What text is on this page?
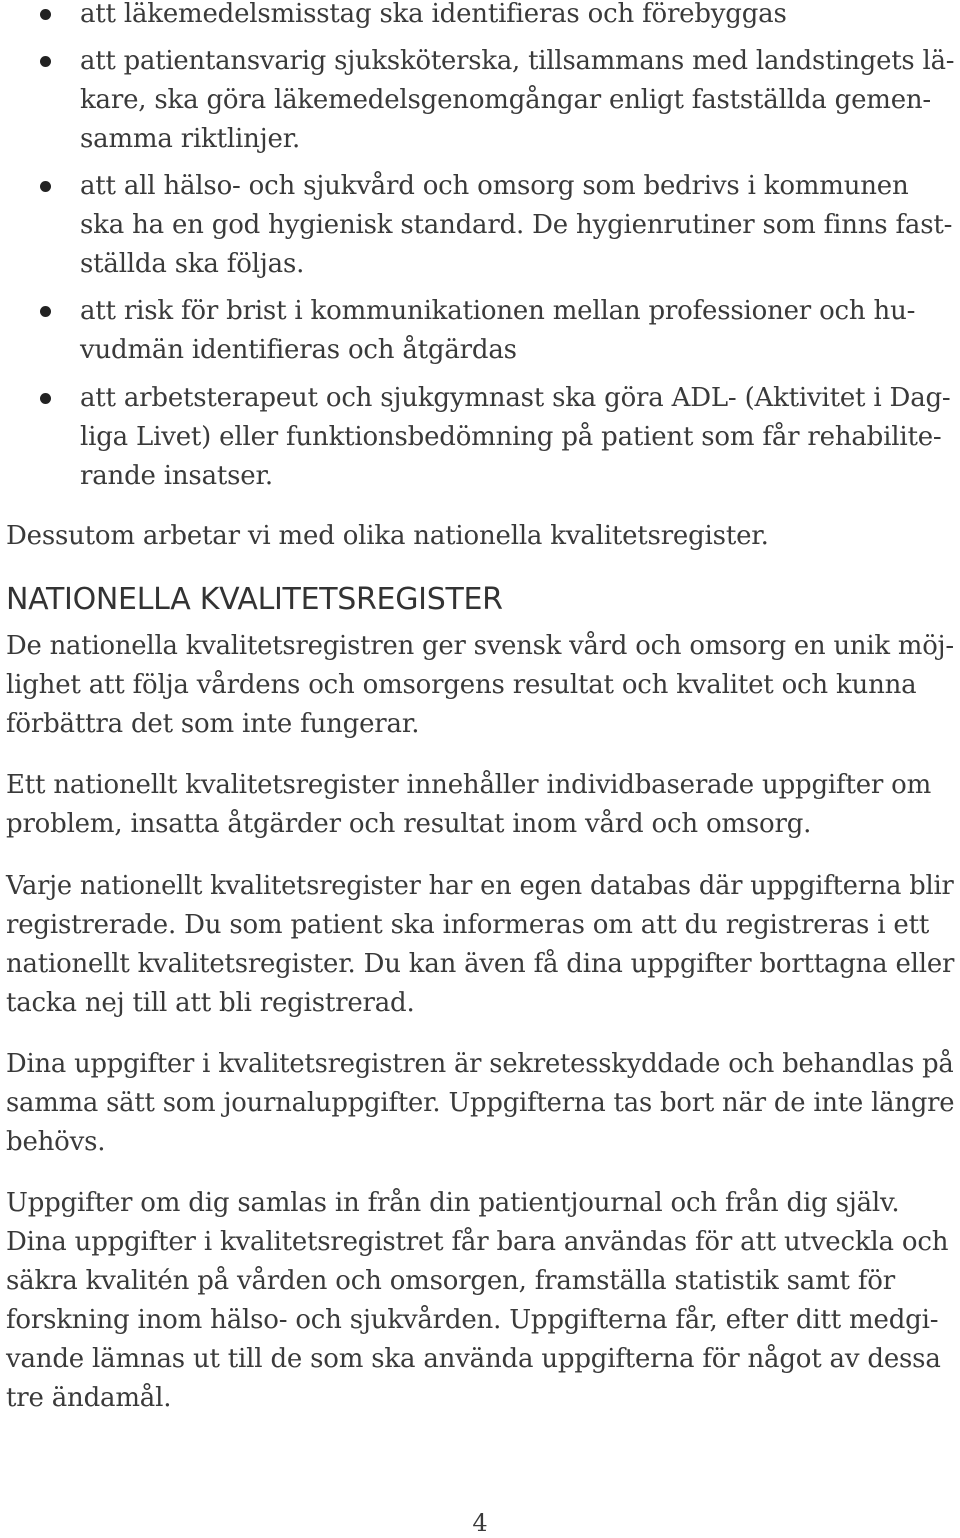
att läkemedelsmisstag ska identifieras och förebyggas
att patientansvarig sjuksköterska, tillsammans med landstingets lä-
kare, ska göra läkemedelsgenomgångar enligt fastställda gemen-
samma riktlinjer.
att all hälso- och sjukvård och omsorg som bedrivs i kommunen
ska ha en god hygienisk standard. De hygienrutiner som finns fast-
ställda ska följas.
att risk för brist i kommunikationen mellan professioner och hu-
vudmän identifieras och åtgärdas
att arbetsterapeut och sjukgymnast ska göra ADL- (Aktivitet i Dag-
liga Livet) eller funktionsbedömning på patient som får rehabilite-
rande insatser.
Dessutom arbetar vi med olika nationella kvalitetsregister.
NATIONELLA KVALITETSREGISTER
De nationella kvalitetsregistren ger svensk vård och omsorg en unik möj-
lighet att följa vårdens och omsorgens resultat och kvalitet och kunna
förbättra det som inte fungerar.
Ett nationellt kvalitetsregister innehåller individbaserade uppgifter om
problem, insatta åtgärder och resultat inom vård och omsorg.
Varje nationellt kvalitetsregister har en egen databas där uppgifterna blir
registrerade. Du som patient ska informeras om att du registreras i ett
nationellt kvalitetsregister. Du kan även få dina uppgifter borttagna eller
tacka nej till att bli registrerad.
Dina uppgifter i kvalitetsregistren är sekretesskyddade och behandlas på
samma sätt som journaluppgifter. Uppgifterna tas bort när de inte längre
behövs.
Uppgifter om dig samlas in från din patientjournal och från dig själv.
Dina uppgifter i kvalitetsregistret får bara användas för att utveckla och
säkra kvalitén på vården och omsorgen, framställa statistik samt för
forskning inom hälso- och sjukvården. Uppgifterna får, efter ditt medgi-
vande lämnas ut till de som ska använda uppgifterna för något av dessa
tre ändamål.
4
